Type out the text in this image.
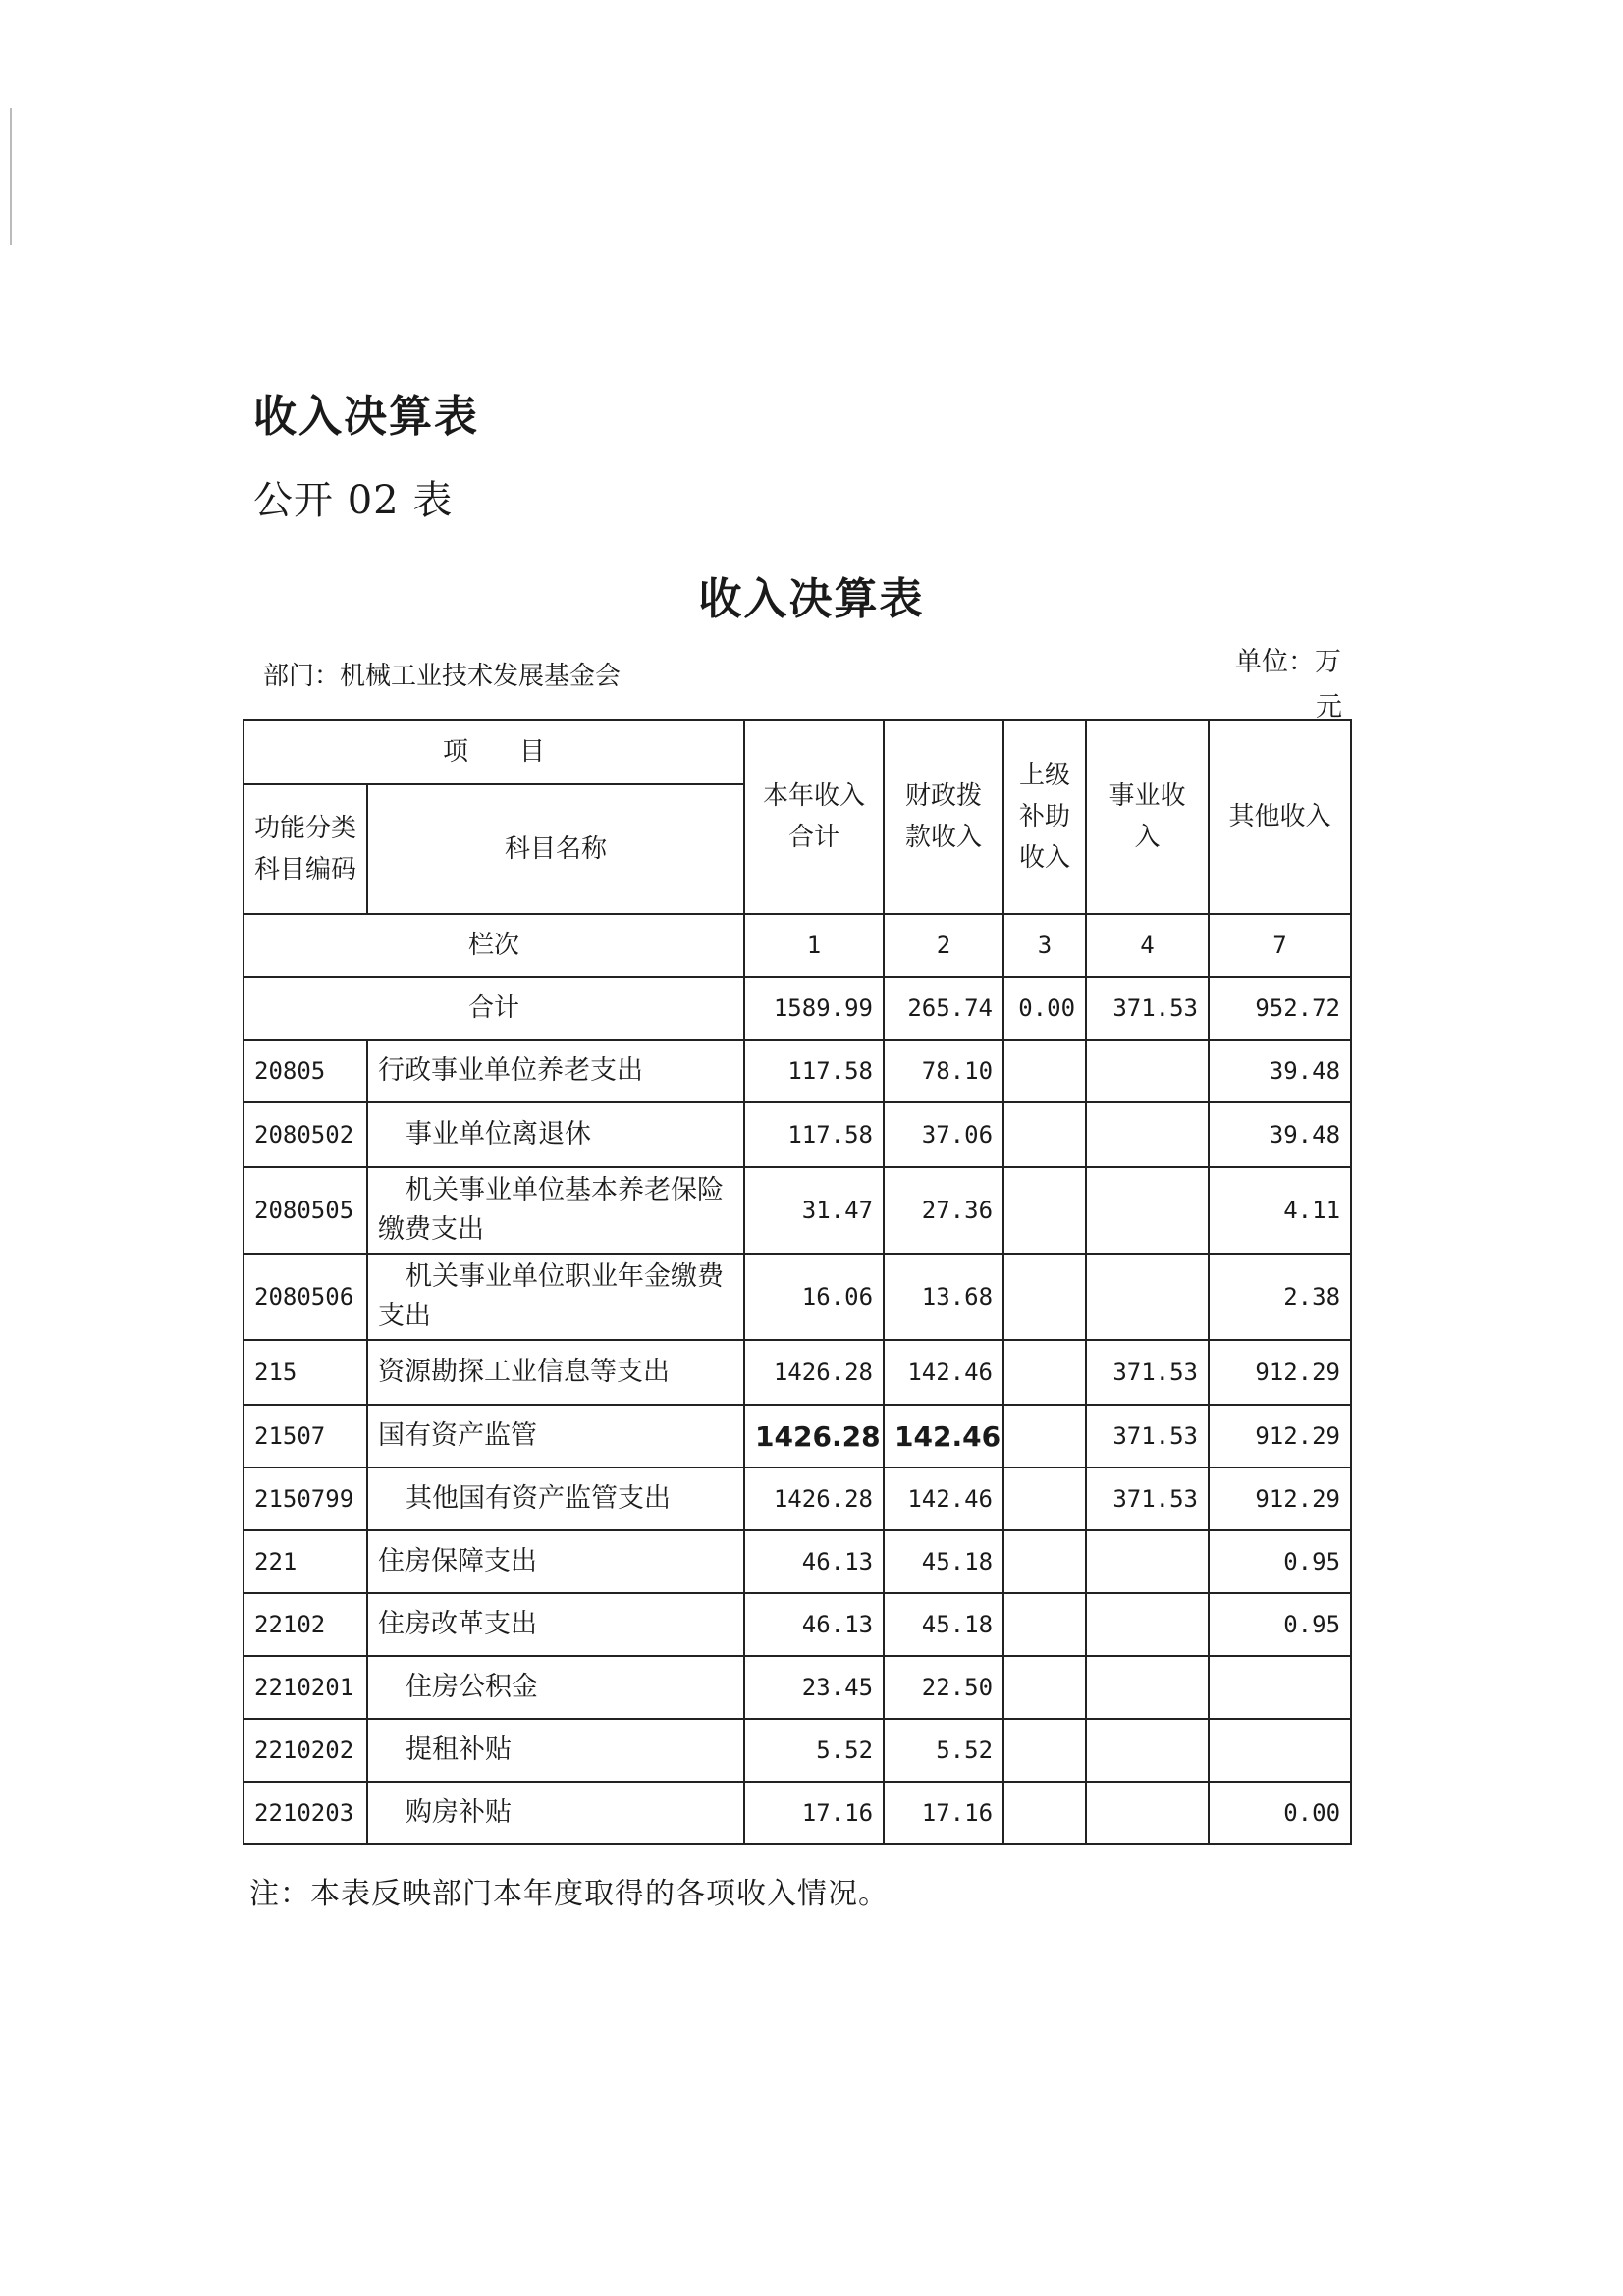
收入决算表
公开 02 表
收入决算表
部门：机械工业技术发展基金会	单位：万
元
项　　目		本年收入合计	财政拨款收入	上级补助收入	事业收入	其他收入
功能分类科目编码	科目名称					
栏次		1	2	3	4	7
合计		1589.99	265.74	0.00	371.53	952.72
20805	行政事业单位养老支出	117.58	78.10			39.48
2080502	事业单位离退休	117.58	37.06			39.48
2080505	机关事业单位基本养老保险缴费支出	31.47	27.36			4.11
2080506	机关事业单位职业年金缴费支出	16.06	13.68			2.38
215	资源勘探工业信息等支出	1426.28	142.46		371.53	912.29
21507	国有资产监管	1426.28	142.46		371.53	912.29
2150799	其他国有资产监管支出	1426.28	142.46		371.53	912.29
221	住房保障支出	46.13	45.18			0.95
22102	住房改革支出	46.13	45.18			0.95
2210201	住房公积金	23.45	22.50			
2210202	提租补贴	5.52	5.52			
2210203	购房补贴	17.16	17.16			0.00
注：本表反映部门本年度取得的各项收入情况。
